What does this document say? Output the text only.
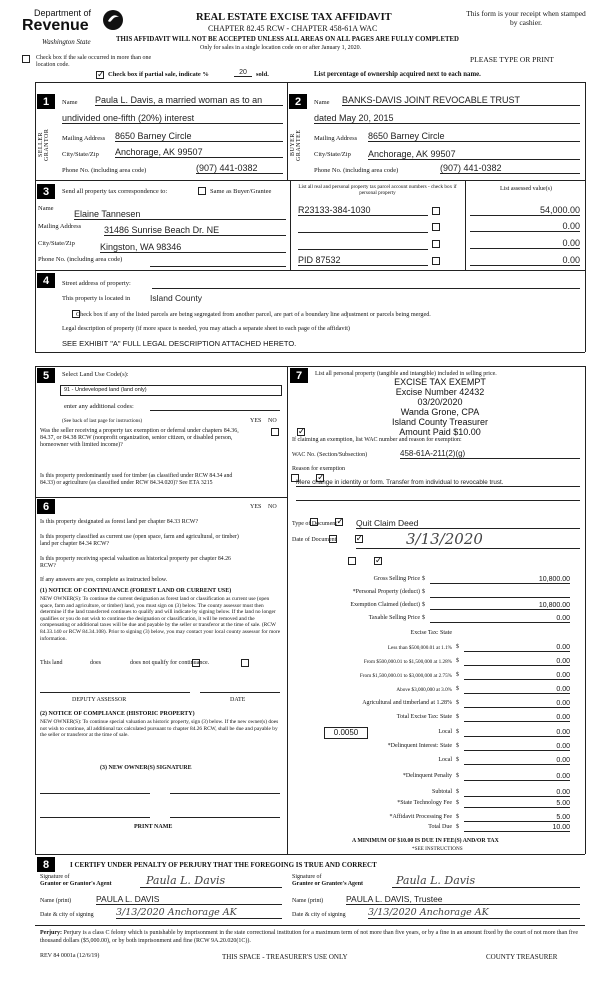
Department of
Revenue
Washington State
REAL ESTATE EXCISE TAX AFFIDAVIT
CHAPTER 82.45 RCW - CHAPTER 458-61A WAC
This form is your receipt when stamped by cashier.
THIS AFFIDAVIT WILL NOT BE ACCEPTED UNLESS ALL AREAS ON ALL PAGES ARE FULLY COMPLETED
Only for sales in a single location code on or after January 1, 2020.
PLEASE TYPE OR PRINT
Check box if the sale occurred in more than one location code.
✓
Check box if partial sale, indicate %	20	sold.	List percentage of ownership acquired next to each name.
1
SELLER GRANTOR
Name Paula L. Davis, a married woman as to an
undivided one-fifth (20%) interest
Mailing Address 8650 Barney Circle
City/State/Zip Anchorage, AK 99507
Phone No. (including area code)	(907) 441-0382
2
BUYER GRANTEE
Name BANKS-DAVIS JOINT REVOCABLE TRUST
dated May 20, 2015
Mailing Address 8650 Barney Circle
City/State/Zip Anchorage, AK 99507
Phone No. (including area code)	(907) 441-0382
3	Send all property tax correspondence to:
	Same as Buyer/Grantee
Name
Elaine Tannesen
Mailing Address	31486 Sunrise Beach Dr. NE
City/State/Zip	Kingston, WA 98346
Phone No. (including area code)
List all real and personal property tax parcel account numbers - check box if personal property
List assessed value(s)
R23133-384-1030	54,000.00
0.00
0.00
PID 87532	0.00
4	Street address of property:
This property is located in Island County

Check box if any of the listed parcels are being segregated from another parcel, are part of a boundary line adjustment or parcels being merged.
Legal description of property (if more space is needed, you may attach a separate sheet to each page of the affidavit)
SEE EXHIBIT "A" FULL LEGAL DESCRIPTION ATTACHED HERETO.
5	Select Land Use Code(s):
91 - Undeveloped land (land only)
enter any additional codes:
(See back of last page for instructions)	YES NO
Was the seller receiving a property tax exemption or deferral under chapters 84.36, 84.37, or 84.38 RCW (nonprofit organization, senior citizen, or disabled person, homeowner with limited income)?
✓
Is this property predominantly used for timber (as classified under RCW 84.34 and 84.33) or agriculture (as classified under RCW 84.34.020)? See ETA 3215
✓
6	YES NO
Is this property designated as forest land per chapter 84.33 RCW?
✓
Is this property classified as current use (open space, farm and agricultural, or timber) land per chapter 84.34 RCW?
✓
Is this property receiving special valuation as historical property per chapter 84.26 RCW?
✓
If any answers are yes, complete as instructed below.
(1) NOTICE OF CONTINUANCE (FOREST LAND OR CURRENT USE)
NEW OWNER(S): To continue the current designation as forest land or classification as current use (open space, farm and agriculture, or timber) land, you must sign on (3) below. The county assessor must then determine if the land transferred continues to qualify and will indicate by signing below. If the land no longer qualifies or you do not wish to continue the designation or classification, it will be removed and the compensating or additional taxes will be due and payable by the seller or transferor at the time of sale. (RCW 84.33.140 or RCW 84.34.108). Prior to signing (3) below, you may contact your local county assessor for more information.
This land
	does	does not qualify for continuance.
DEPUTY ASSESSOR	DATE
(2) NOTICE OF COMPLIANCE (HISTORIC PROPERTY)
NEW OWNER(S): To continue special valuation as historic property, sign (3) below. If the new owner(s) does not wish to continue, all additional tax calculated pursuant to chapter 84.26 RCW, shall be due and payable by the seller or transferor at the time of sale.
(3) NEW OWNER(S) SIGNATURE
PRINT NAME
7	List all personal property (tangible and intangible) included in selling price.
EXCISE TAX EXEMPT
Excise Number 42432
03/20/2020
Wanda Grone, CPA
Island County Treasurer
Amount Paid $10.00
If claiming an exemption, list WAC number and reason for exemption:
WAC No. (Section/Subsection)	458-61A-211(2)(g)
Reason for exemption
Mere change in identity or form. Transfer from individual to revocable trust.
Type of Document Quit Claim Deed
Date of Document	3/13/2020
Gross Selling Price $	10,800.00
*Personal Property (deduct) $
Exemption Claimed (deduct) $	10,800.00
Taxable Selling Price $	0.00
Excise Tax: State
Less than $500,000.01 at 1.1% $	0.00
From $500,000.01 to $1,500,000 at 1.28% $	0.00
From $1,500,000.01 to $3,000,000 at 2.75% $	0.00
Above $3,000,000 at 3.0% $	0.00
Agricultural and timberland at 1.28% $	0.00
Total Excise Tax: State $	0.00
0.0050	Local $	0.00
*Delinquent Interest: State $	0.00
Local $	0.00
*Delinquent Penalty $	0.00
Subtotal $	0.00
*State Technology Fee $	5.00
*Affidavit Processing Fee $	5.00
Total Due $	10.00
A MINIMUM OF $10.00 IS DUE IN FEE(S) AND/OR TAX
*SEE INSTRUCTIONS
8	I CERTIFY UNDER PENALTY OF PERJURY THAT THE FOREGOING IS TRUE AND CORRECT
Signature of
Grantor or Grantor's Agent	Paula L. Davis
Name (print)	PAULA L. DAVIS
Date & city of signing 3/13/2020 Anchorage AK
Signature of
Grantee or Grantee's Agent	Paula L. Davis
Name (print)	PAULA L. DAVIS, Trustee
Date & city of signing 3/13/2020 Anchorage AK
Perjury: Perjury is a class C felony which is punishable by imprisonment in the state correctional institution for a maximum term of not more than five years, or by a fine in an amount fixed by the court of not more than five thousand dollars ($5,000.00), or by both imprisonment and fine (RCW 9A.20.020(1C)).
REV 84 0001a (12/6/19)	THIS SPACE - TREASURER'S USE ONLY	COUNTY TREASURER
